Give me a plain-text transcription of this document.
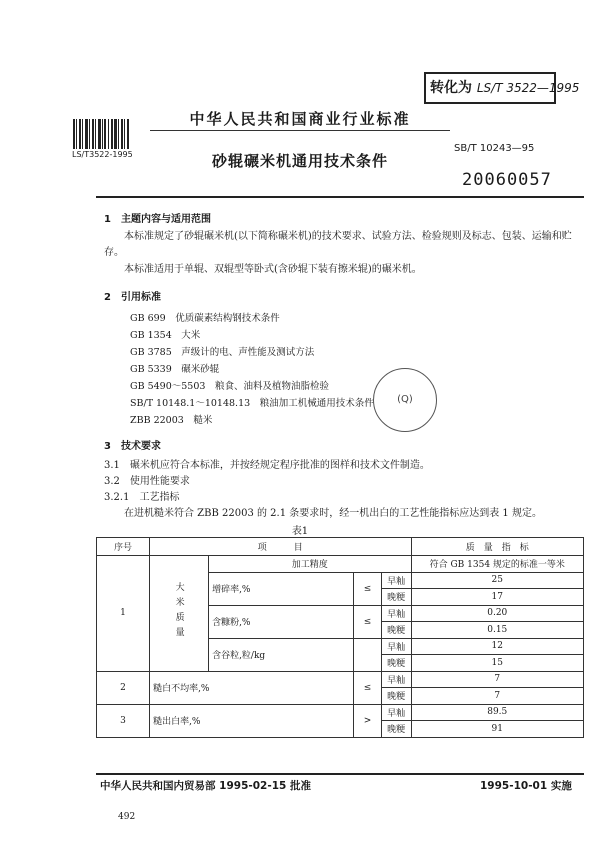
转化为 LS/T 3522—1995
LS/T3522-1995
中华人民共和国商业行业标准
SB/T 10243—95
砂辊碾米机通用技术条件
20060057
1　主题内容与适用范围
本标准规定了砂辊碾米机(以下简称碾米机)的技术要求、试验方法、检验规则及标志、包装、运输和贮存。
本标准适用于单辊、双辊型等卧式(含砂辊下装有擦米辊)的碾米机。
2　引用标准
GB 699　 优质碳素结构钢技术条件
GB 1354　 大米
GB 3785　 声级计的电、声性能及测试方法
GB 5339　 碾米砂辊
GB 5490～5503　 粮食、油料及植物油脂检验
SB/T 10148.1～10148.13　 粮油加工机械通用技术条件
ZBB 22003　 糙米
(Q)
3　技术要求
3.1　碾米机应符合本标准，并按经规定程序批准的图样和技术文件制造。
3.2　使用性能要求
3.2.1　工艺指标
在进机糙米符合 ZBB 22003 的 2.1 条要求时，经一机出白的工艺性能指标应达到表 1 规定。
表1
序号	项　　　目				质　量　指　标
1	大米质量	加工精度			符合 GB 1354 规定的标准一等米
		增碎率,%	≤	早籼	25
				晚粳	17
		含糠粉,%	≤	早籼	0.20
				晚粳	0.15
		含谷粒,粒/kg		早籼	12
				晚粳	15
2	糙白不均率,%		≤	早籼	7
				晚粳	7
3	糙出白率,%		>	早籼	89.5
				晚粳	91
中华人民共和国内贸易部 1995-02-15 批准	1995-10-01 实施
492
